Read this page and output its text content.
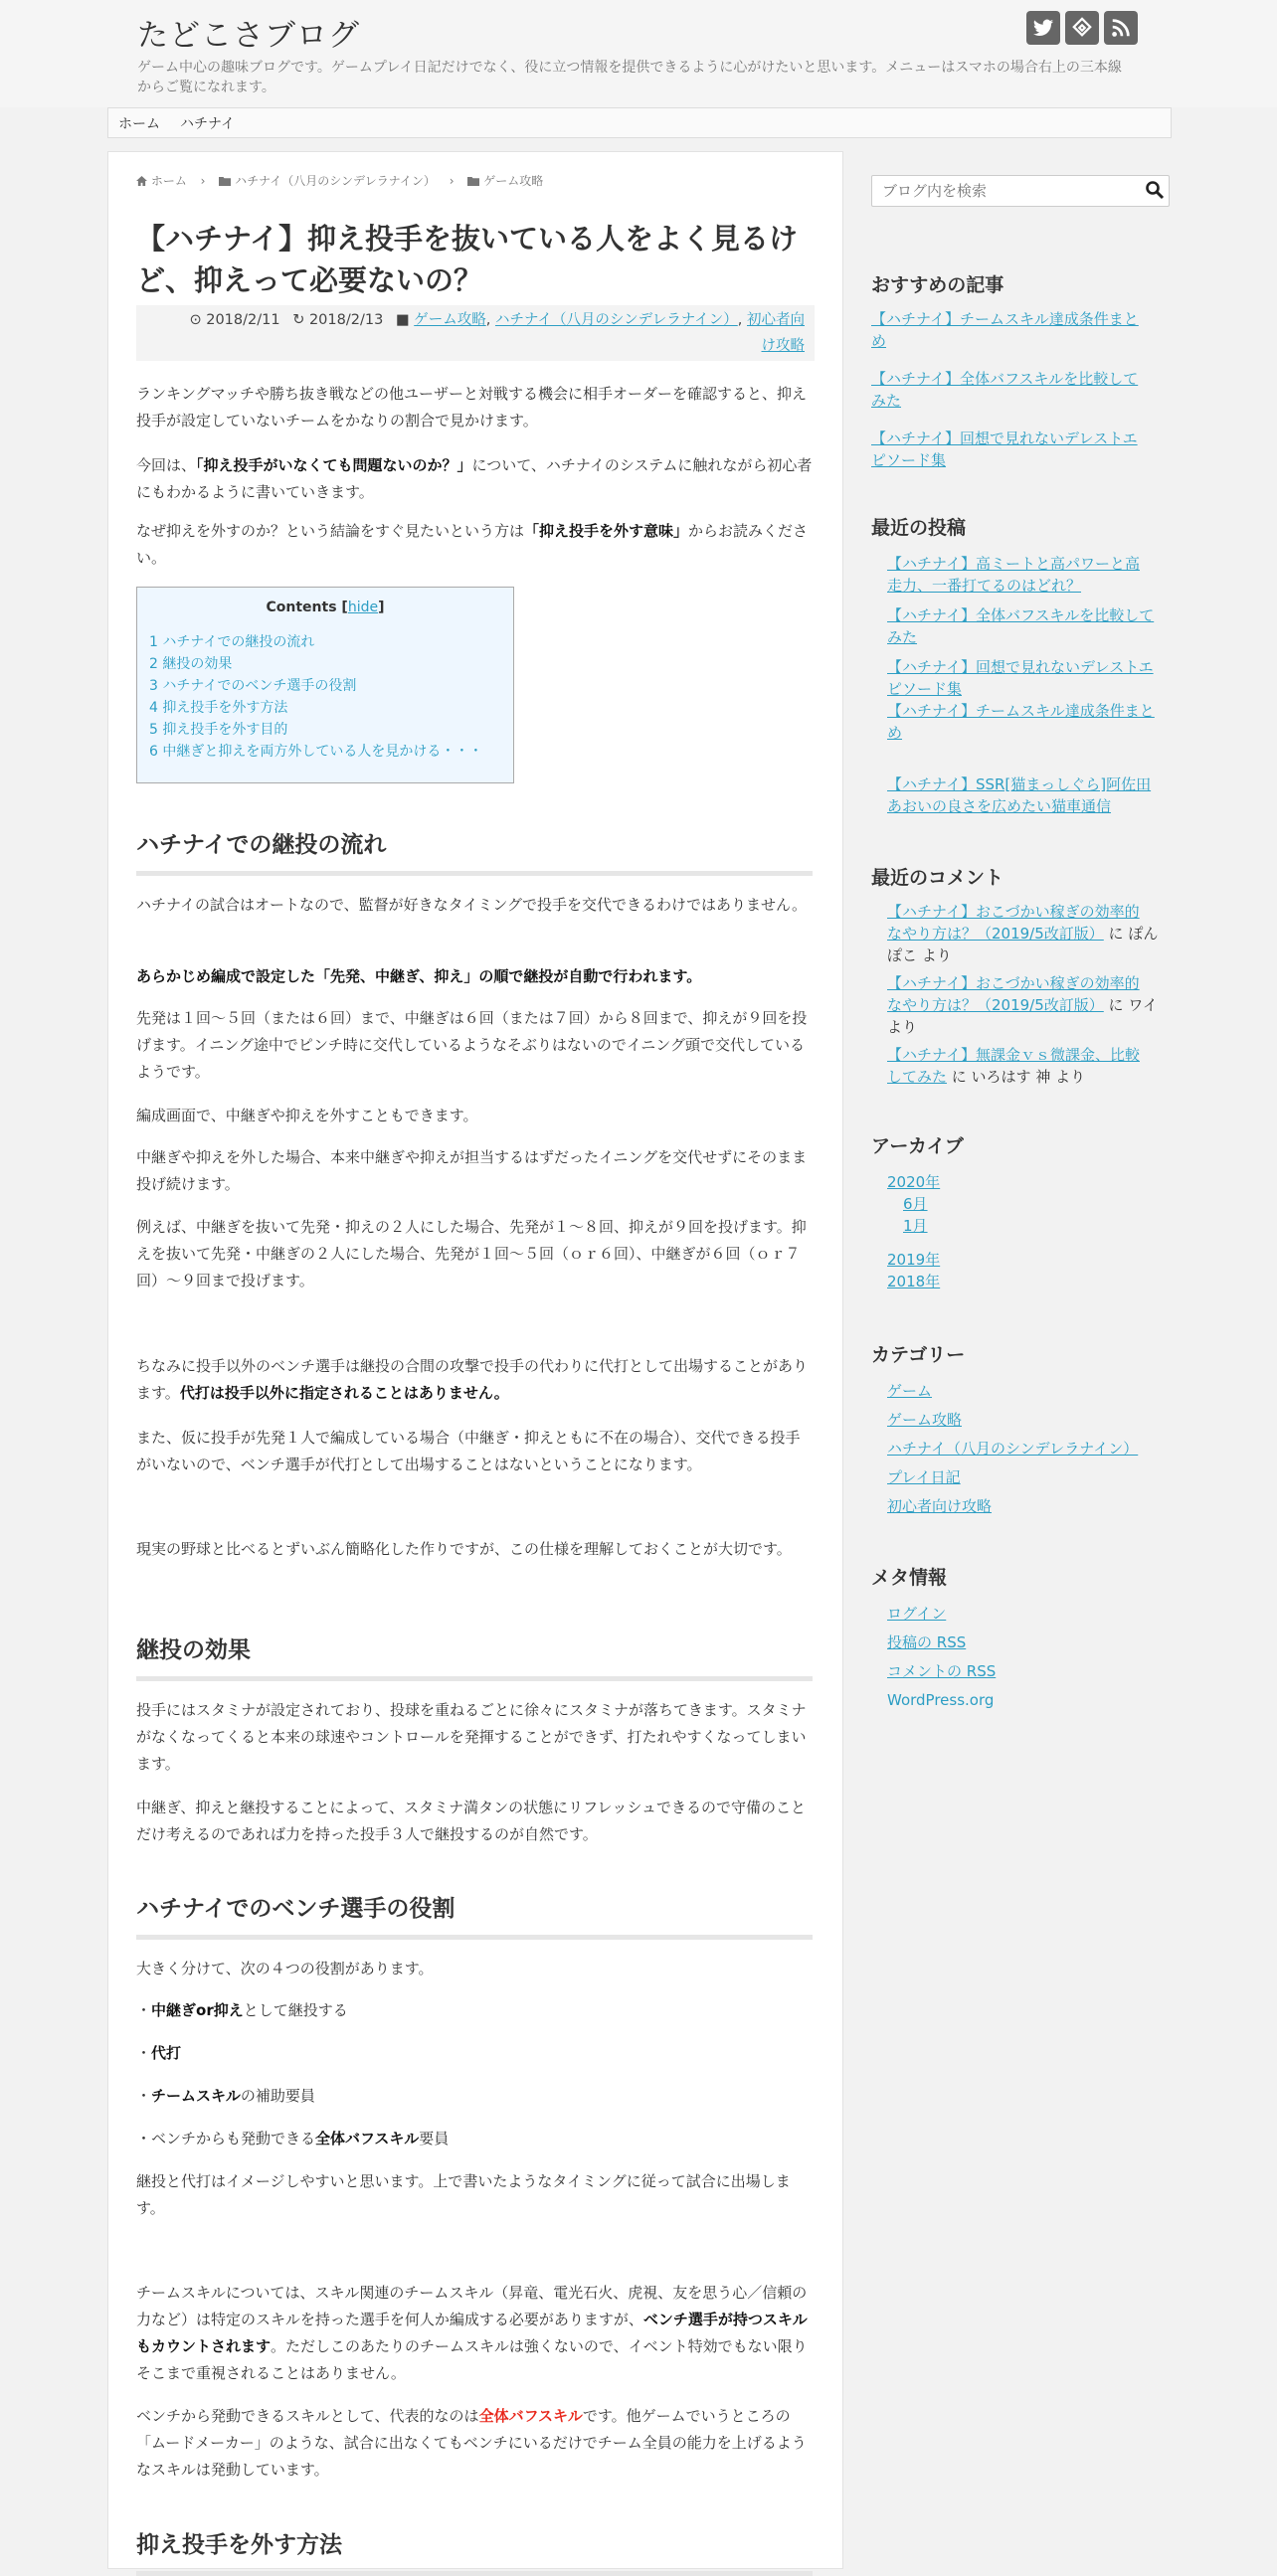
たどこさブログ
ゲーム中心の趣味ブログです。ゲームプレイ日記だけでなく、役に立つ情報を提供できるように心がけたいと思います。メニューはスマホの場合右上の三本線からご覧になれます。
ホーム ハチナイ
ホーム › ハチナイ（八月のシンデレラナイン） › ゲーム攻略
【ハチナイ】抑え投手を抜いている人をよく見るけど、抑えって必要ないの？
⊙ 2018/2/11 ↻ 2018/2/13 ■ ゲーム攻略, ハチナイ（八月のシンデレラナイン）, 初心者向
け攻略

ランキングマッチや勝ち抜き戦などの他ユーザーと対戦する機会に相手オーダーを確認すると、抑え投手が設定していないチームをかなりの割合で見かけます。

今回は、「抑え投手がいなくても問題ないのか？」について、ハチナイのシステムに触れながら初心者にもわかるように書いていきます。

なぜ抑えを外すのか？という結論をすぐ見たいという方は「抑え投手を外す意味」からお読みください。

Contents [hide]
1 ハチナイでの継投の流れ
2 継投の効果
3 ハチナイでのベンチ選手の役割
4 抑え投手を外す方法
5 抑え投手を外す目的
6 中継ぎと抑えを両方外している人を見かける・・・
ハチナイでの継投の流れ

ハチナイの試合はオートなので、監督が好きなタイミングで投手を交代できるわけではありません。

あらかじめ編成で設定した「先発、中継ぎ、抑え」の順で継投が自動で行われます。

先発は１回～５回（または６回）まで、中継ぎは６回（または７回）から８回まで、抑えが９回を投げます。イニング途中でピンチ時に交代しているようなそぶりはないのでイニング頭で交代しているようです。

編成画面で、中継ぎや抑えを外すこともできます。

中継ぎや抑えを外した場合、本来中継ぎや抑えが担当するはずだったイニングを交代せずにそのまま投げ続けます。

例えば、中継ぎを抜いて先発・抑えの２人にした場合、先発が１～８回、抑えが９回を投げます。抑えを抜いて先発・中継ぎの２人にした場合、先発が１回～５回（ｏｒ６回）、中継ぎが６回（ｏｒ７回）～９回まで投げます。

ちなみに投手以外のベンチ選手は継投の合間の攻撃で投手の代わりに代打として出場することがあります。代打は投手以外に指定されることはありません。

また、仮に投手が先発１人で編成している場合（中継ぎ・抑えともに不在の場合）、交代できる投手がいないので、ベンチ選手が代打として出場することはないということになります。

現実の野球と比べるとずいぶん簡略化した作りですが、この仕様を理解しておくことが大切です。

継投の効果

投手にはスタミナが設定されており、投球を重ねるごとに徐々にスタミナが落ちてきます。スタミナがなくなってくると本来の球速やコントロールを発揮することができず、打たれやすくなってしまいます。

中継ぎ、抑えと継投することによって、スタミナ満タンの状態にリフレッシュできるので守備のことだけ考えるのであれば力を持った投手３人で継投するのが自然です。

ハチナイでのベンチ選手の役割

大きく分けて、次の４つの役割があります。

・中継ぎor抑えとして継投する

・代打

・チームスキルの補助要員

・ベンチからも発動できる全体バフスキル要員

継投と代打はイメージしやすいと思います。上で書いたようなタイミングに従って試合に出場します。

チームスキルについては、スキル関連のチームスキル（昇竜、電光石火、虎視、友を思う心／信頼の力など）は特定のスキルを持った選手を何人か編成する必要がありますが、ベンチ選手が持つスキルもカウントされます。ただしこのあたりのチームスキルは強くないので、イベント特効でもない限りそこまで重視されることはありません。

ベンチから発動できるスキルとして、代表的なのは全体バフスキルです。他ゲームでいうところの「ムードメーカー」のような、試合に出なくてもベンチにいるだけでチーム全員の能力を上げるようなスキルは発動しています。

抑え投手を外す方法
ブログ内を検索
おすすめの記事
【ハチナイ】チームスキル達成条件まと
め
【ハチナイ】全体バフスキルを比較して
みた
【ハチナイ】回想で見れないデレストエ
ピソード集
最近の投稿
【ハチナイ】高ミートと高パワーと高
走力、一番打てるのはどれ？
【ハチナイ】全体バフスキルを比較して
みた
【ハチナイ】回想で見れないデレストエ
ピソード集
【ハチナイ】チームスキル達成条件まと
め
【ハチナイ】SSR[猫まっしぐら]阿佐田
あおいの良さを広めたい猫車通信
最近のコメント
【ハチナイ】おこづかい稼ぎの効率的
なやり方は？（2019/5改訂版） に ぽん
ぽこ より
【ハチナイ】おこづかい稼ぎの効率的
なやり方は？（2019/5改訂版） に ワイ
より
【ハチナイ】無課金ｖｓ微課金、比較
してみた に いろはす 神 より
アーカイブ
2020年
6月
1月
2019年
2018年
カテゴリー
ゲーム
ゲーム攻略
ハチナイ（八月のシンデレラナイン）
プレイ日記
初心者向け攻略
メタ情報
ログイン
投稿の RSS
コメントの RSS
WordPress.org
